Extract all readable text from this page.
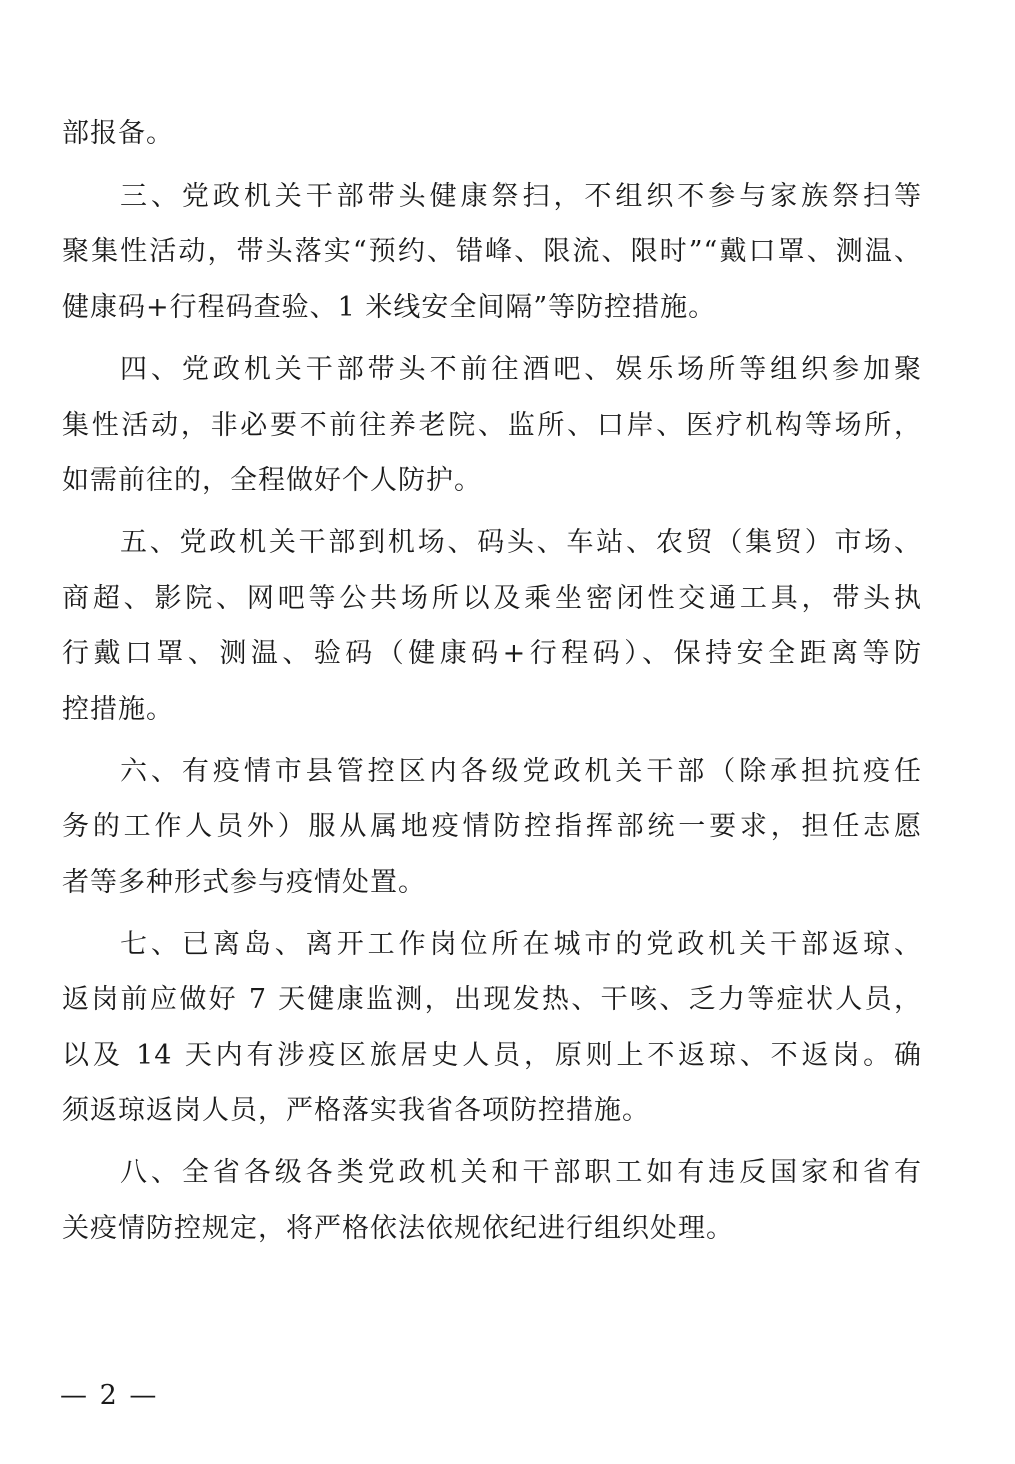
部报备。
三、党政机关干部带头健康祭扫，不组织不参与家族祭扫等
聚集性活动，带头落实“预约、错峰、限流、限时”“戴口罩、测温、
健康码+行程码查验、1 米线安全间隔”等防控措施。
四、党政机关干部带头不前往酒吧、娱乐场所等组织参加聚
集性活动，非必要不前往养老院、监所、口岸、医疗机构等场所，
如需前往的，全程做好个人防护。
五、党政机关干部到机场、码头、车站、农贸（集贸）市场、
商超、影院、网吧等公共场所以及乘坐密闭性交通工具，带头执
行戴口罩、测温、验码（健康码+行程码）、保持安全距离等防
控措施。
六、有疫情市县管控区内各级党政机关干部（除承担抗疫任
务的工作人员外）服从属地疫情防控指挥部统一要求，担任志愿
者等多种形式参与疫情处置。
七、已离岛、离开工作岗位所在城市的党政机关干部返琼、
返岗前应做好 7 天健康监测，出现发热、干咳、乏力等症状人员，
以及 14 天内有涉疫区旅居史人员，原则上不返琼、不返岗。确
须返琼返岗人员，严格落实我省各项防控措施。
八、全省各级各类党政机关和干部职工如有违反国家和省有
关疫情防控规定，将严格依法依规依纪进行组织处理。
— 2 —
